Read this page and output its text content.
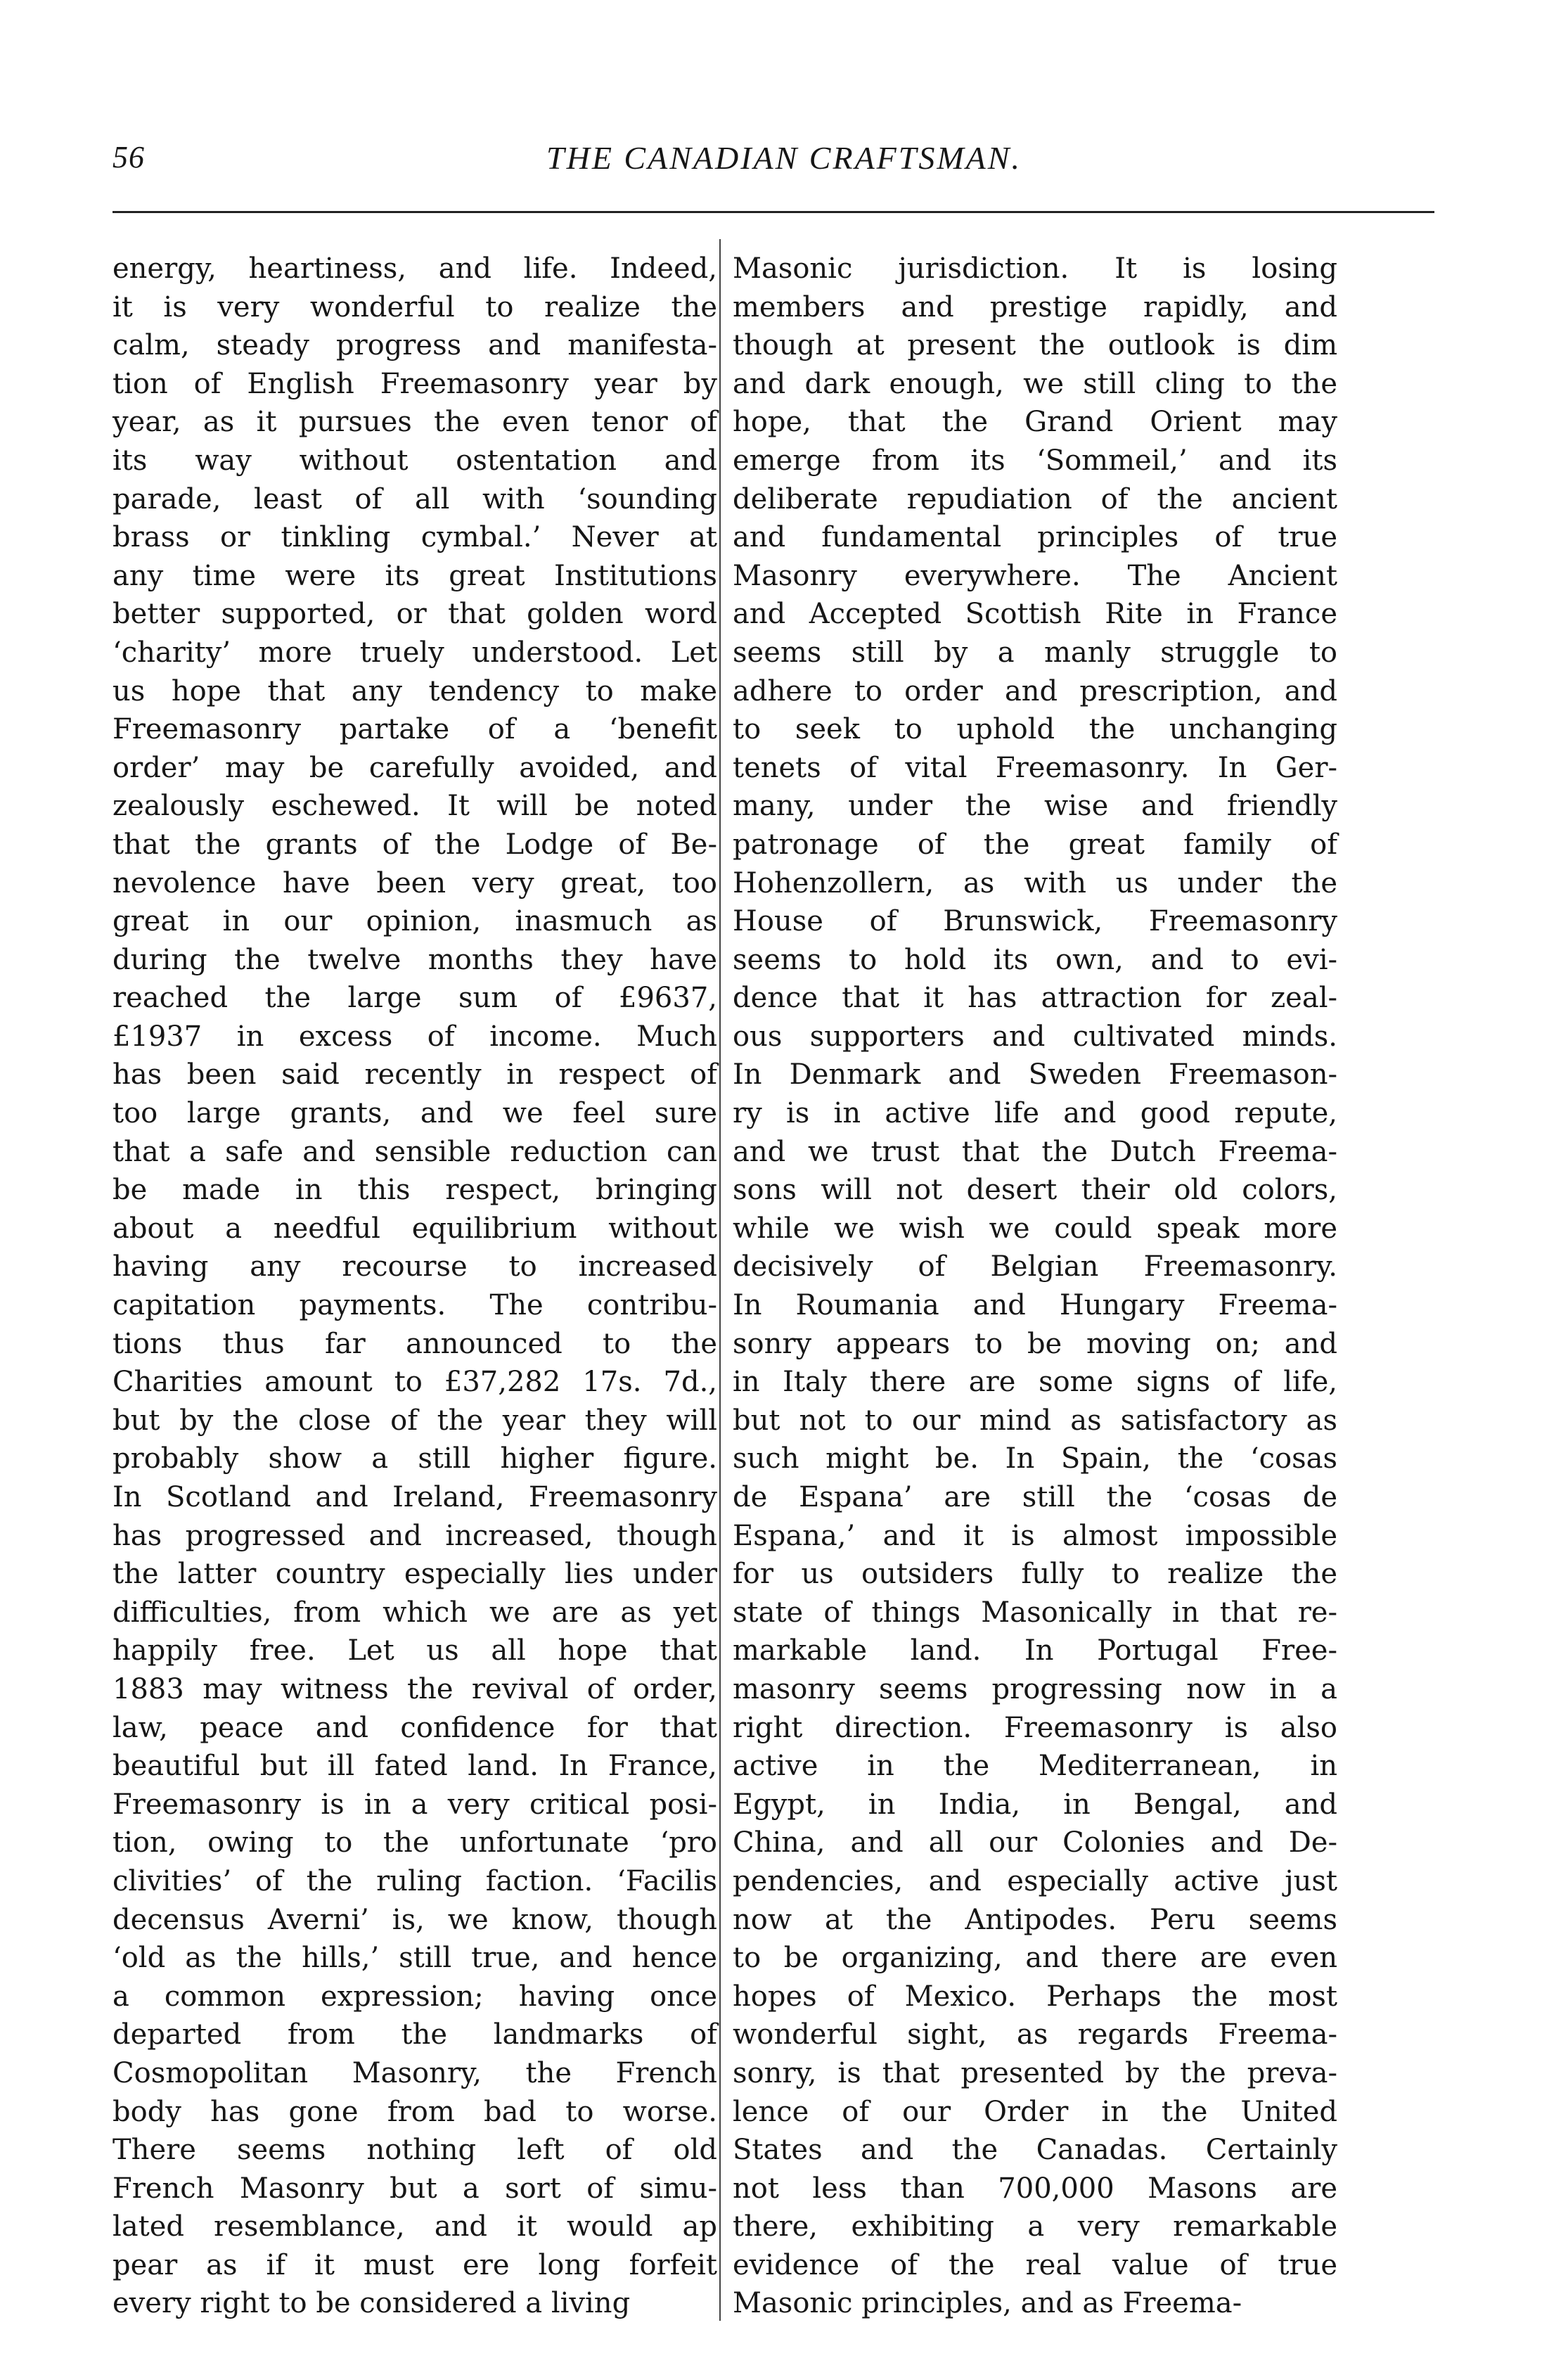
56	THE CANADIAN CRAFTSMAN.
energy, heartiness, and life. Indeed,
it is very wonderful to realize the
calm, steady progress and manifesta-
tion of English Freemasonry year by
year, as it pursues the even tenor of
its way without ostentation and
parade, least of all with ‘sounding
brass or tinkling cymbal.’ Never at
any time were its great Institutions
better supported, or that golden word
‘charity’ more truely understood. Let
us hope that any tendency to make
Freemasonry partake of a ‘benefit
order’ may be carefully avoided, and
zealously eschewed. It will be noted
that the grants of the Lodge of Be-
nevolence have been very great, too
great in our opinion, inasmuch as
during the twelve months they have
reached the large sum of £9637,
£1937 in excess of income. Much
has been said recently in respect of
too large grants, and we feel sure
that a safe and sensible reduction can
be made in this respect, bringing
about a needful equilibrium without
having any recourse to increased
capitation payments. The contribu-
tions thus far announced to the
Charities amount to £37,282 17s. 7d.,
but by the close of the year they will
probably show a still higher figure.
In Scotland and Ireland, Freemasonry
has progressed and increased, though
the latter country especially lies under
difficulties, from which we are as yet
happily free. Let us all hope that
1883 may witness the revival of order,
law, peace and confidence for that
beautiful but ill fated land. In France,
Freemasonry is in a very critical posi-
tion, owing to the unfortunate ‘pro
clivities’ of the ruling faction. ‘Facilis
decensus Averni’ is, we know, though
‘old as the hills,’ still true, and hence
a common expression; having once
departed from the landmarks of
Cosmopolitan Masonry, the French
body has gone from bad to worse.
There seems nothing left of old
French Masonry but a sort of simu-
lated resemblance, and it would ap
pear as if it must ere long forfeit
every right to be considered a living
Masonic jurisdiction. It is losing
members and prestige rapidly, and
though at present the outlook is dim
and dark enough, we still cling to the
hope, that the Grand Orient may
emerge from its ‘Sommeil,’ and its
deliberate repudiation of the ancient
and fundamental principles of true
Masonry everywhere. The Ancient
and Accepted Scottish Rite in France
seems still by a manly struggle to
adhere to order and prescription, and
to seek to uphold the unchanging
tenets of vital Freemasonry. In Ger-
many, under the wise and friendly
patronage of the great family of
Hohenzollern, as with us under the
House of Brunswick, Freemasonry
seems to hold its own, and to evi-
dence that it has attraction for zeal-
ous supporters and cultivated minds.
In Denmark and Sweden Freemason-
ry is in active life and good repute,
and we trust that the Dutch Freema-
sons will not desert their old colors,
while we wish we could speak more
decisively of Belgian Freemasonry.
In Roumania and Hungary Freema-
sonry appears to be moving on; and
in Italy there are some signs of life,
but not to our mind as satisfactory as
such might be. In Spain, the ‘cosas
de Espana’ are still the ‘cosas de
Espana,’ and it is almost impossible
for us outsiders fully to realize the
state of things Masonically in that re-
markable land. In Portugal Free-
masonry seems progressing now in a
right direction. Freemasonry is also
active in the Mediterranean, in
Egypt, in India, in Bengal, and
China, and all our Colonies and De-
pendencies, and especially active just
now at the Antipodes. Peru seems
to be organizing, and there are even
hopes of Mexico. Perhaps the most
wonderful sight, as regards Freema-
sonry, is that presented by the preva-
lence of our Order in the United
States and the Canadas. Certainly
not less than 700,000 Masons are
there, exhibiting a very remarkable
evidence of the real value of true
Masonic principles, and as Freema-
